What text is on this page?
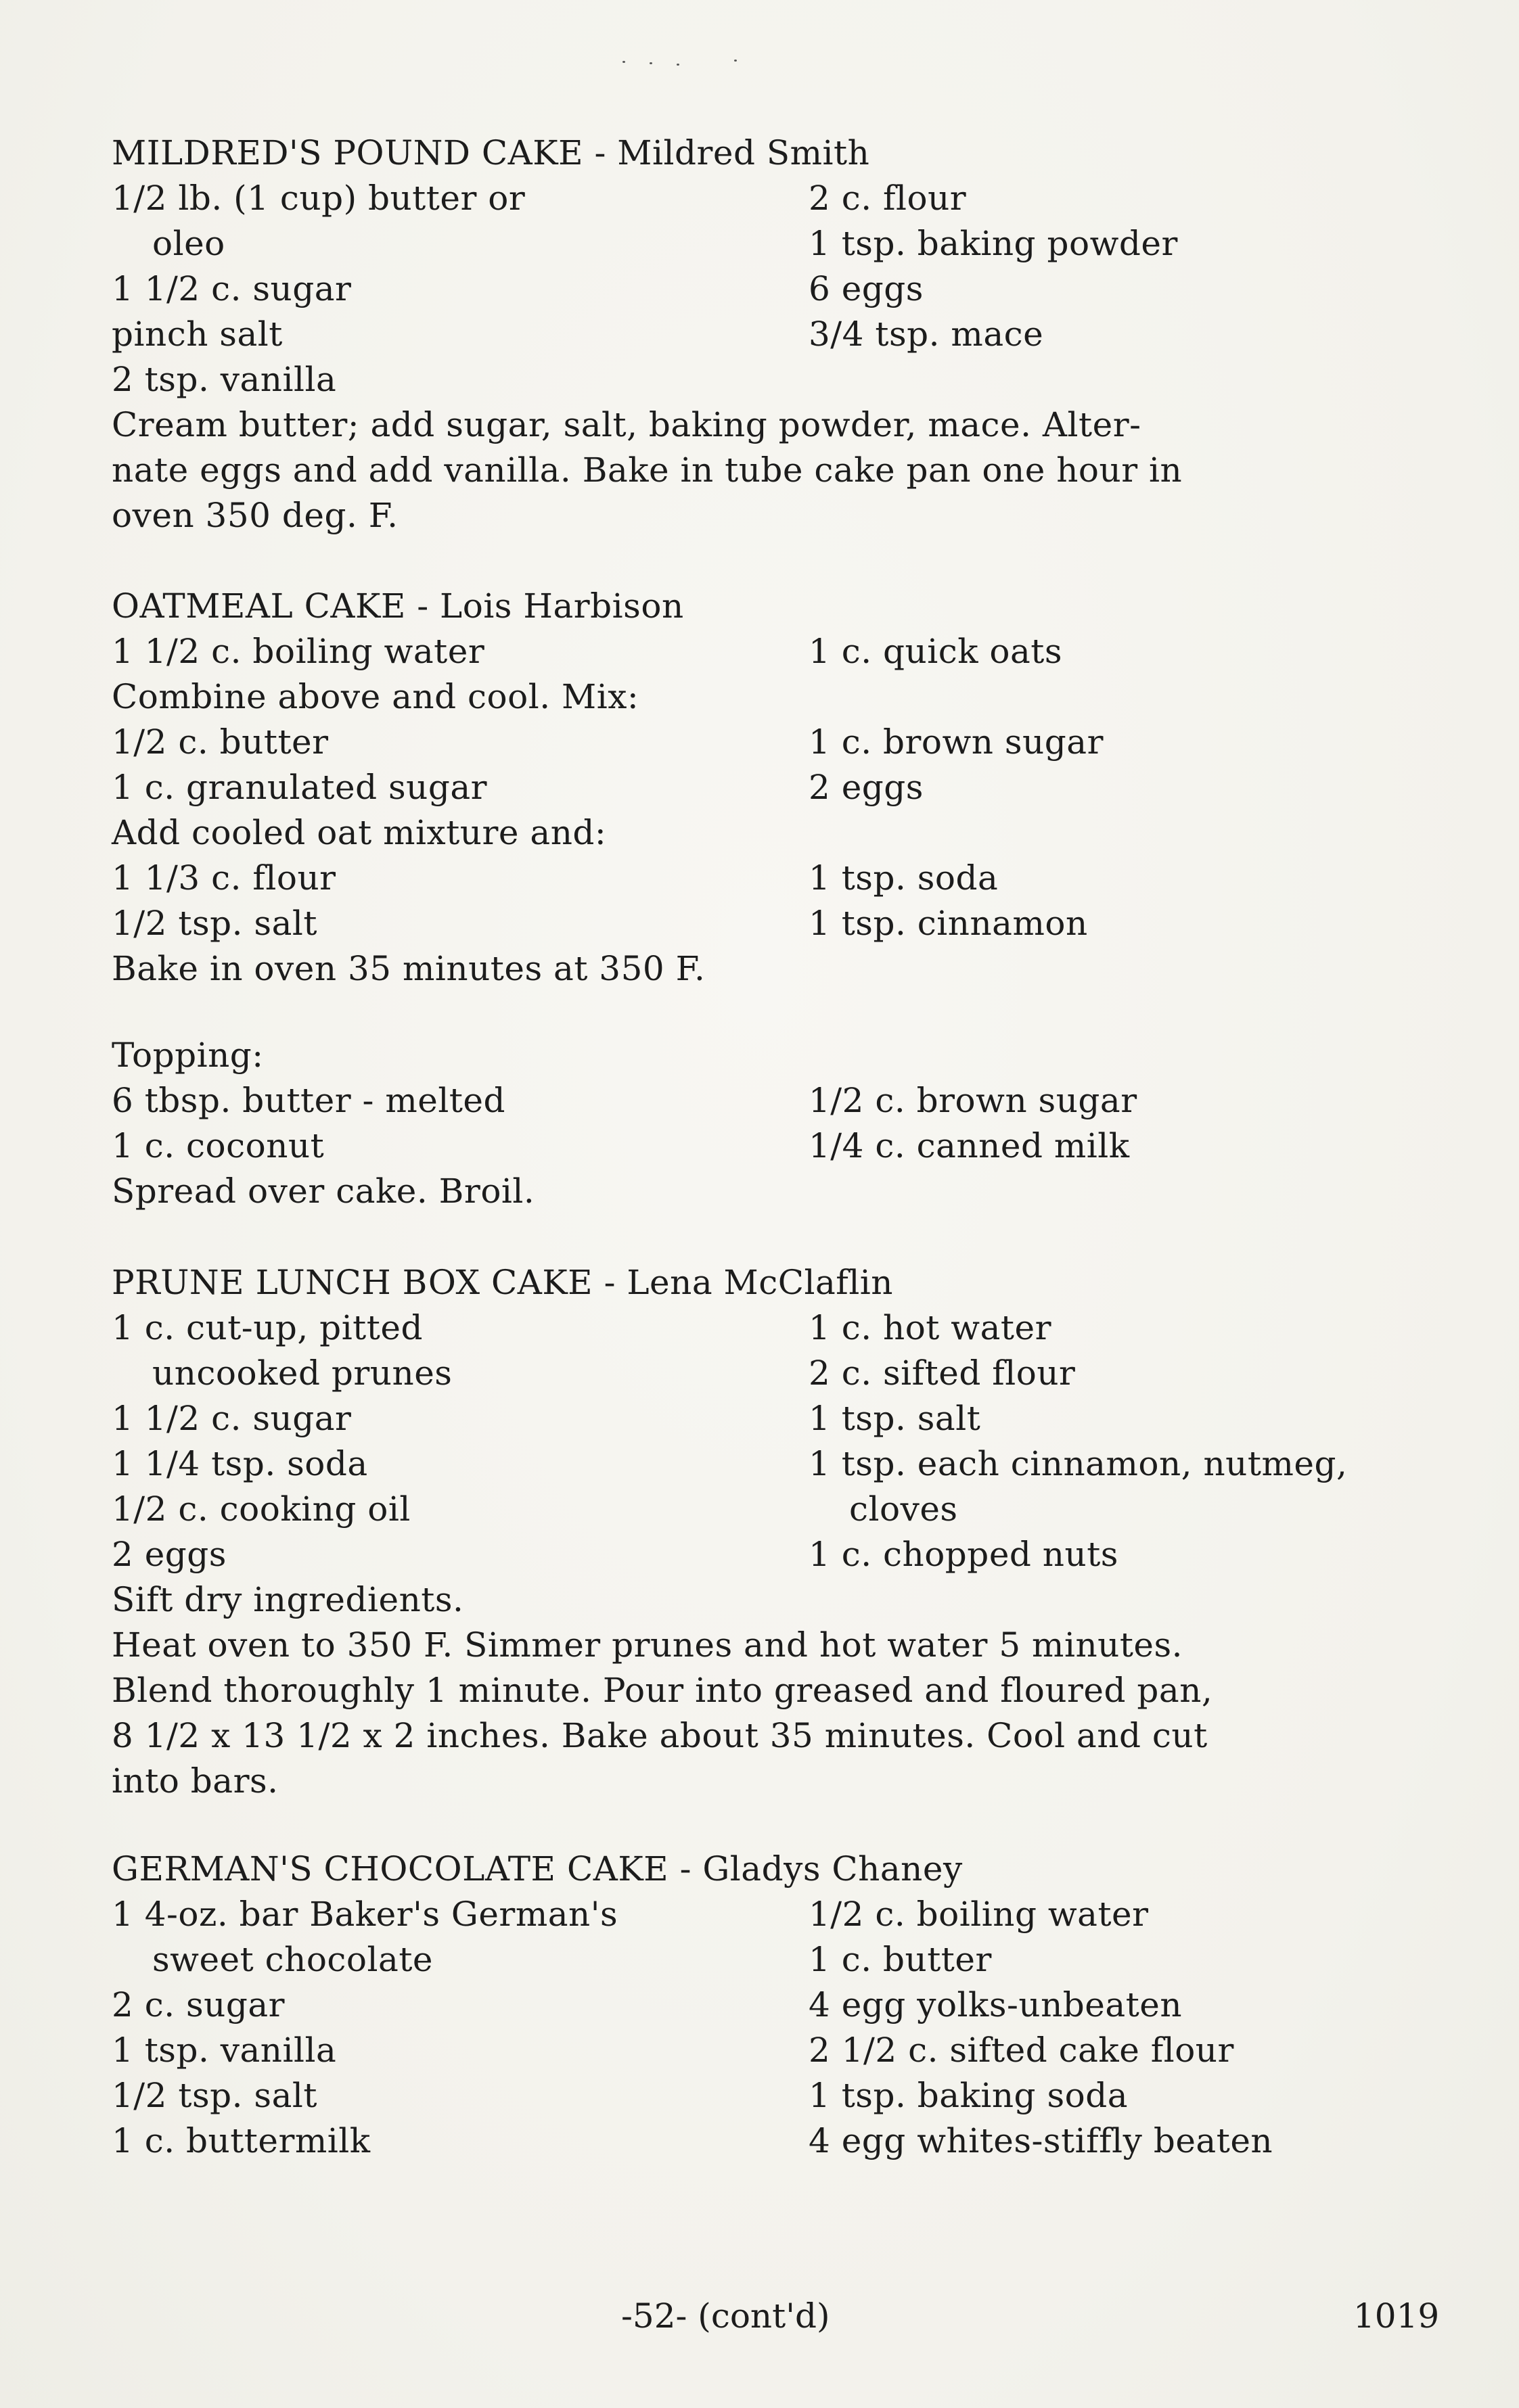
MILDRED'S POUND CAKE - Mildred Smith
1/2 lb. (1 cup) butter or	2 c. flour
oleo	1 tsp. baking powder
1 1/2 c. sugar	6 eggs
pinch salt	3/4 tsp. mace
2 tsp. vanilla
Cream butter; add sugar, salt, baking powder, mace. Alter-
nate eggs and add vanilla. Bake in tube cake pan one hour in
oven 350 deg. F.
OATMEAL CAKE - Lois Harbison
1 1/2 c. boiling water	1 c. quick oats
Combine above and cool. Mix:
1/2 c. butter	1 c. brown sugar
1 c. granulated sugar	2 eggs
Add cooled oat mixture and:
1 1/3 c. flour	1 tsp. soda
1/2 tsp. salt	1 tsp. cinnamon
Bake in oven 35 minutes at 350 F.
Topping:
6 tbsp. butter - melted	1/2 c. brown sugar
1 c. coconut	1/4 c. canned milk
Spread over cake. Broil.
PRUNE LUNCH BOX CAKE - Lena McClaflin
1 c. cut-up, pitted	1 c. hot water
uncooked prunes	2 c. sifted flour
1 1/2 c. sugar	1 tsp. salt
1 1/4 tsp. soda	1 tsp. each cinnamon, nutmeg,
1/2 c. cooking oil	cloves
2 eggs	1 c. chopped nuts
Sift dry ingredients.
Heat oven to 350 F. Simmer prunes and hot water 5 minutes.
Blend thoroughly 1 minute. Pour into greased and floured pan,
8 1/2 x 13 1/2 x 2 inches. Bake about 35 minutes. Cool and cut
into bars.
GERMAN'S CHOCOLATE CAKE - Gladys Chaney
1 4-oz. bar Baker's German's	1/2 c. boiling water
sweet chocolate	1 c. butter
2 c. sugar	4 egg yolks-unbeaten
1 tsp. vanilla	2 1/2 c. sifted cake flour
1/2 tsp. salt	1 tsp. baking soda
1 c. buttermilk	4 egg whites-stiffly beaten
-52- (cont'd)	1019
